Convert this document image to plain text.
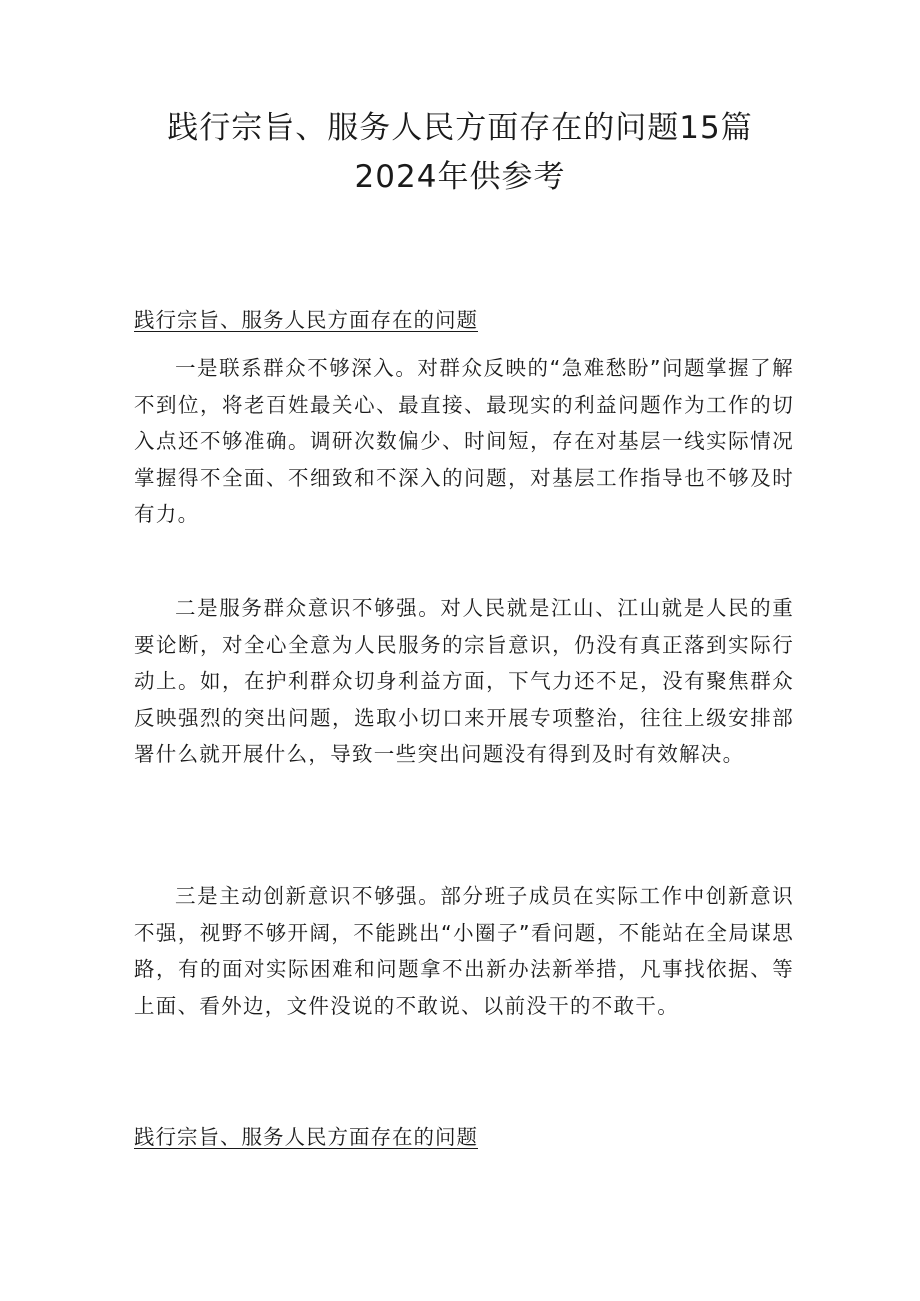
践行宗旨、服务人民方面存在的问题15篇
2024年供参考
践行宗旨、服务人民方面存在的问题

一是联系群众不够深入。对群众反映的“急难愁盼”问题掌握了解不到位，将老百姓最关心、最直接、最现实的利益问题作为工作的切入点还不够准确。调研次数偏少、时间短，存在对基层一线实际情况掌握得不全面、不细致和不深入的问题，对基层工作指导也不够及时有力。

二是服务群众意识不够强。对人民就是江山、江山就是人民的重要论断，对全心全意为人民服务的宗旨意识，仍没有真正落到实际行动上。如，在护利群众切身利益方面，下气力还不足，没有聚焦群众反映强烈的突出问题，选取小切口来开展专项整治，往往上级安排部署什么就开展什么，导致一些突出问题没有得到及时有效解决。

三是主动创新意识不够强。部分班子成员在实际工作中创新意识不强，视野不够开阔，不能跳出“小圈子”看问题，不能站在全局谋思路，有的面对实际困难和问题拿不出新办法新举措，凡事找依据、等上面、看外边，文件没说的不敢说、以前没干的不敢干。

践行宗旨、服务人民方面存在的问题
